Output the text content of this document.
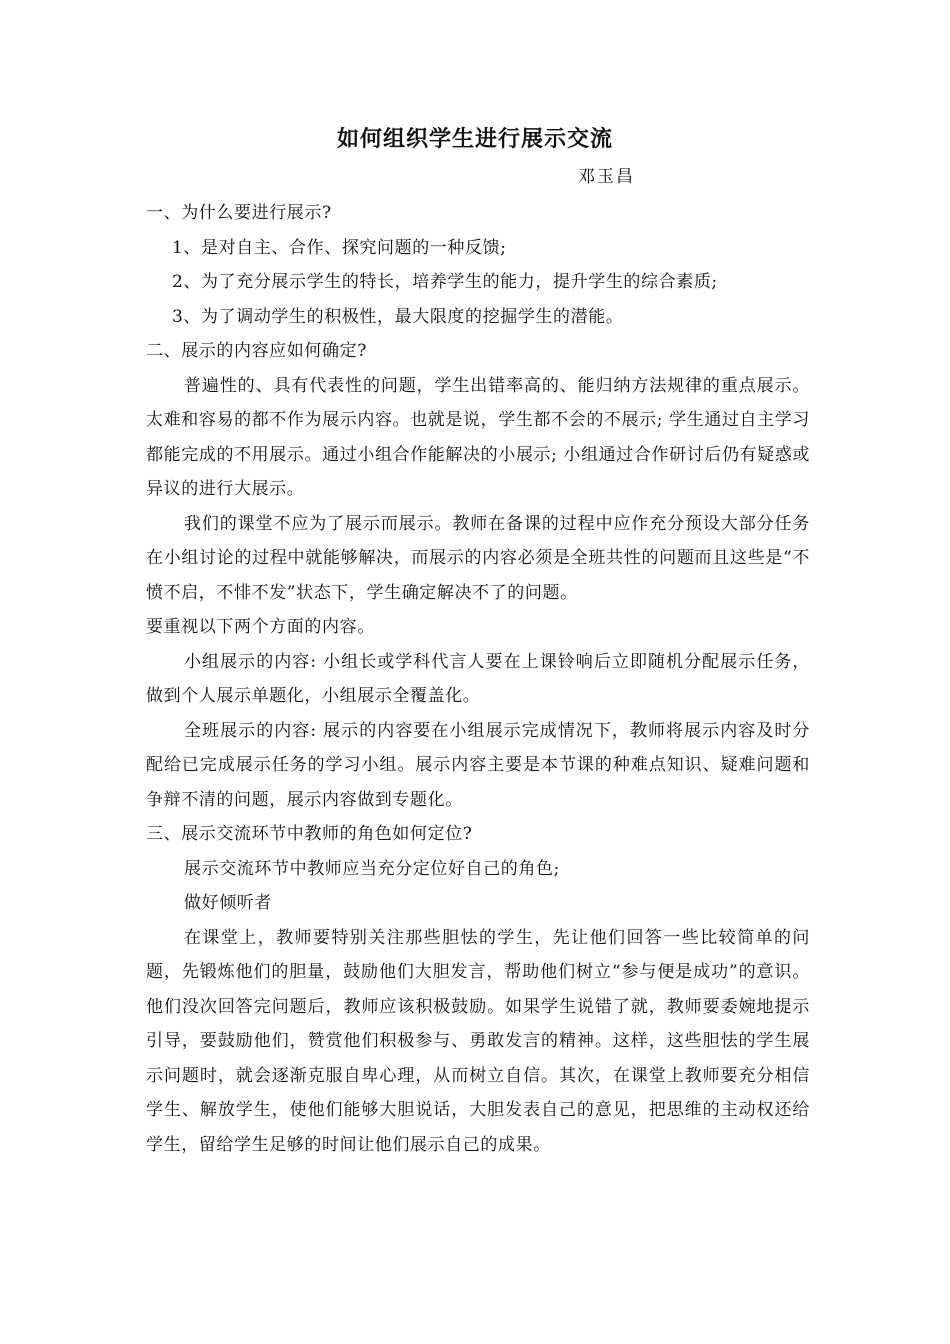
如何组织学生进行展示交流
邓玉昌

一、为什么要进行展示?

1、是对自主、合作、探究问题的一种反馈;

2、为了充分展示学生的特长，培养学生的能力，提升学生的综合素质;

3、为了调动学生的积极性，最大限度的挖掘学生的潜能。

二、展示的内容应如何确定?

普遍性的、具有代表性的问题，学生出错率高的、能归纳方法规律的重点展示。太难和容易的都不作为展示内容。也就是说，学生都不会的不展示; 学生通过自主学习都能完成的不用展示。通过小组合作能解决的小展示; 小组通过合作研讨后仍有疑惑或异议的进行大展示。

我们的课堂不应为了展示而展示。教师在备课的过程中应作充分预设大部分任务在小组讨论的过程中就能够解决，而展示的内容必须是全班共性的问题而且这些是“不愤不启，不悱不发”状态下，学生确定解决不了的问题。

要重视以下两个方面的内容。

小组展示的内容: 小组长或学科代言人要在上课铃响后立即随机分配展示任务，做到个人展示单题化，小组展示全覆盖化。

全班展示的内容: 展示的内容要在小组展示完成情况下，教师将展示内容及时分配给已完成展示任务的学习小组。展示内容主要是本节课的种难点知识、疑难问题和争辩不清的问题，展示内容做到专题化。

三、展示交流环节中教师的角色如何定位?

展示交流环节中教师应当充分定位好自己的角色;

做好倾听者

在课堂上，教师要特别关注那些胆怯的学生，先让他们回答一些比较简单的问题，先锻炼他们的胆量，鼓励他们大胆发言，帮助他们树立“参与便是成功”的意识。他们没次回答完问题后，教师应该积极鼓励。如果学生说错了就，教师要委婉地提示引导，要鼓励他们，赞赏他们积极参与、勇敢发言的精神。这样，这些胆怯的学生展示问题时，就会逐渐克服自卑心理，从而树立自信。其次，在课堂上教师要充分相信学生、解放学生，使他们能够大胆说话，大胆发表自己的意见，把思维的主动权还给学生，留给学生足够的时间让他们展示自己的成果。
